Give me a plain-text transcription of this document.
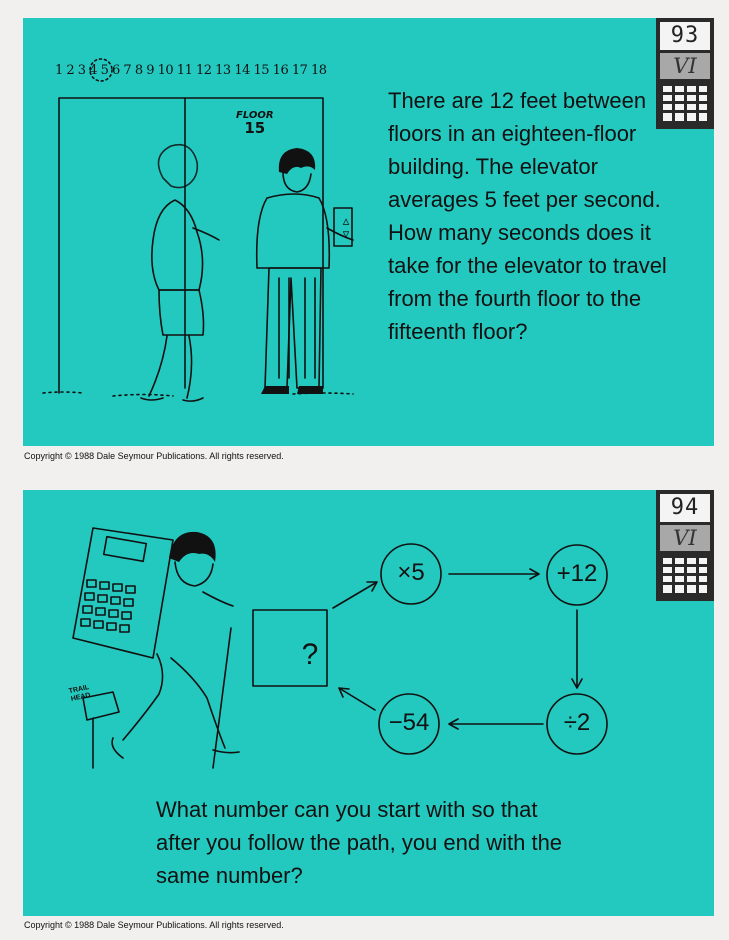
93
VI
1 2 3 4 5 6 7 8 9 10 11 12 13 14 15 16 17 18
FLOOR
15
▵
▿
There are 12 feet between floors in an eighteen-floor building. The elevator averages 5 feet per second. How many seconds does it take for the elevator to travel from the fourth floor to the fifteenth floor?
Copyright © 1988 Dale Seymour Publications. All rights reserved.
94
VI
TRAIL HEAD
?
×5	+12
÷2
−54
What number can you start with so that after you follow the path, you end with the same number?
Copyright © 1988 Dale Seymour Publications. All rights reserved.
